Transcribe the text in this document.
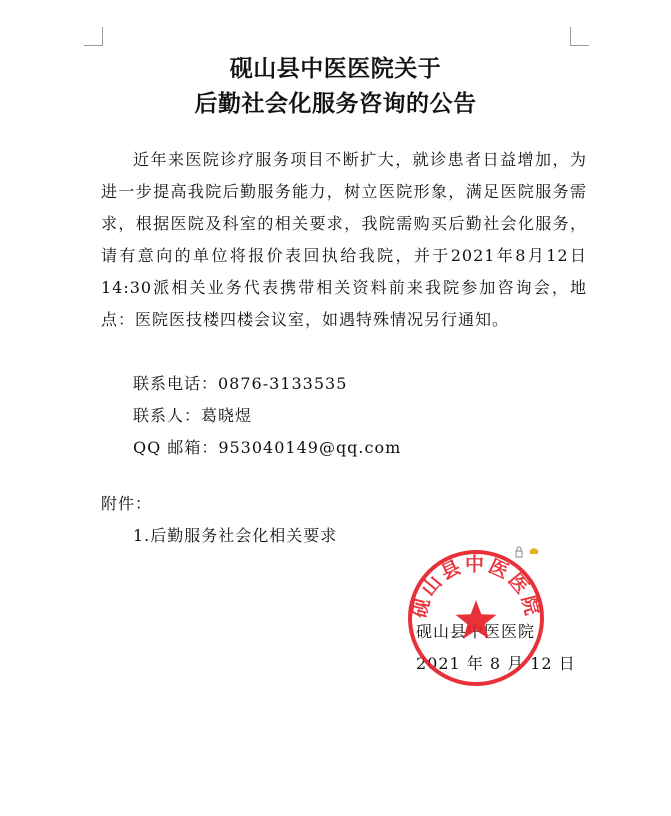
砚山县中医医院关于
后勤社会化服务咨询的公告

近年来医院诊疗服务项目不断扩大，就诊患者日益增加，为进一步提高我院后勤服务能力，树立医院形象，满足医院服务需求，根据医院及科室的相关要求，我院需购买后勤社会化服务，请有意向的单位将报价表回执给我院，并于2021年8月12日14:30派相关业务代表携带相关资料前来我院参加咨询会，地点：医院医技楼四楼会议室，如遇特殊情况另行通知。

联系电话：0876-3133535
联系人：葛晓煜
QQ 邮箱：953040149@qq.com
附件：
1.后勤服务社会化相关要求
砚山县中医医院
2021 年 8 月 12 日
砚山县中医医院
